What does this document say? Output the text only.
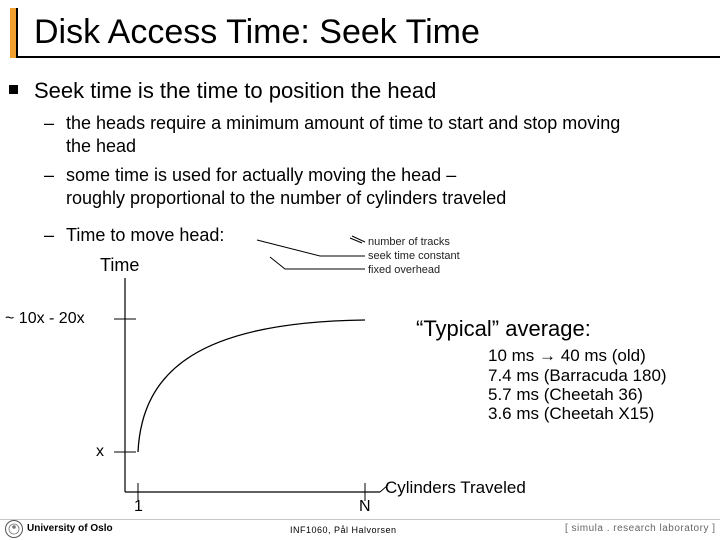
Disk Access Time: Seek Time
Seek time is the time to position the head
– the heads require a minimum amount of time to start and stop moving
the head
– some time is used for actually moving the head –
roughly proportional to the number of cylinders traveled
– Time to move head:
Time
number of tracks
seek time constant
fixed overhead
~ 10x - 20x
x
1	N
Cylinders Traveled
“Typical” average:
10 ms → 40 ms (old)
7.4 ms (Barracuda 180)
5.7 ms (Cheetah 36)
3.6 ms (Cheetah X15)
University of Oslo	INF1060, Pål Halvorsen	[ simula . research laboratory ]
